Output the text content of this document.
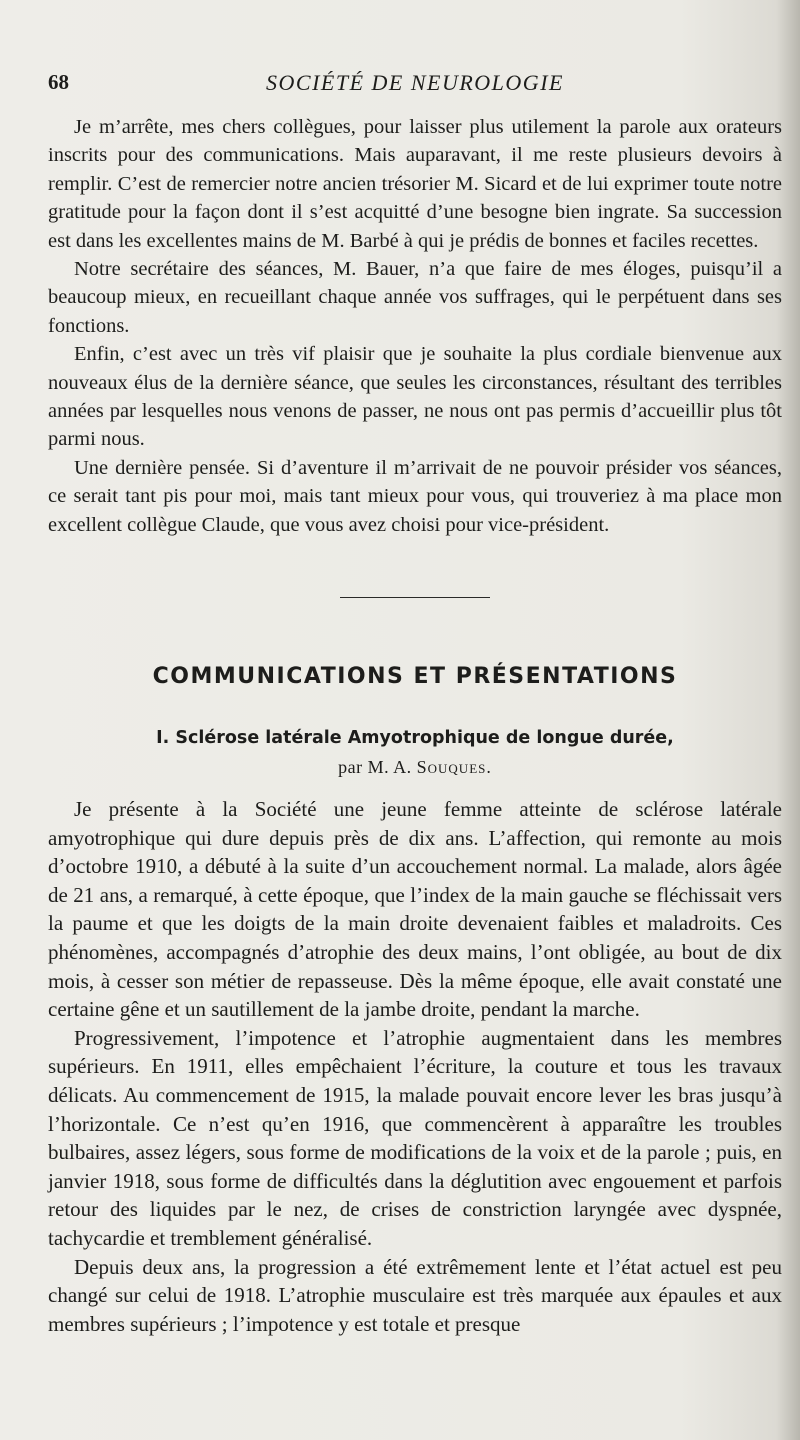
68	SOCIÉTÉ DE NEUROLOGIE

Je m’arrête, mes chers collègues, pour laisser plus utilement la parole aux orateurs inscrits pour des communications. Mais auparavant, il me reste plusieurs devoirs à remplir. C’est de remercier notre ancien trésorier M. Sicard et de lui exprimer toute notre gratitude pour la façon dont il s’est acquitté d’une besogne bien ingrate. Sa succession est dans les excellentes mains de M. Barbé à qui je prédis de bonnes et faciles recettes.

Notre secrétaire des séances, M. Bauer, n’a que faire de mes éloges, puisqu’il a beaucoup mieux, en recueillant chaque année vos suffrages, qui le perpétuent dans ses fonctions.

Enfin, c’est avec un très vif plaisir que je souhaite la plus cordiale bienvenue aux nouveaux élus de la dernière séance, que seules les circonstances, résultant des terribles années par lesquelles nous venons de passer, ne nous ont pas permis d’accueillir plus tôt parmi nous.

Une dernière pensée. Si d’aventure il m’arrivait de ne pouvoir présider vos séances, ce serait tant pis pour moi, mais tant mieux pour vous, qui trouveriez à ma place mon excellent collègue Claude, que vous avez choisi pour vice-président.

COMMUNICATIONS ET PRÉSENTATIONS
I. Sclérose latérale Amyotrophique de longue durée,
par M. A. Souques.

Je présente à la Société une jeune femme atteinte de sclérose latérale amyotrophique qui dure depuis près de dix ans. L’affection, qui remonte au mois d’octobre 1910, a débuté à la suite d’un accouchement normal. La malade, alors âgée de 21 ans, a remarqué, à cette époque, que l’index de la main gauche se fléchissait vers la paume et que les doigts de la main droite devenaient faibles et maladroits. Ces phénomènes, accompagnés d’atrophie des deux mains, l’ont obligée, au bout de dix mois, à cesser son métier de repasseuse. Dès la même époque, elle avait constaté une certaine gêne et un sautillement de la jambe droite, pendant la marche.

Progressivement, l’impotence et l’atrophie augmentaient dans les membres supérieurs. En 1911, elles empêchaient l’écriture, la couture et tous les travaux délicats. Au commencement de 1915, la malade pouvait encore lever les bras jusqu’à l’horizontale. Ce n’est qu’en 1916, que commencèrent à apparaître les troubles bulbaires, assez légers, sous forme de modifications de la voix et de la parole ; puis, en janvier 1918, sous forme de difficultés dans la déglutition avec engouement et parfois retour des liquides par le nez, de crises de constriction laryngée avec dyspnée, tachycardie et tremblement généralisé.

Depuis deux ans, la progression a été extrêmement lente et l’état actuel est peu changé sur celui de 1918. L’atrophie musculaire est très marquée aux épaules et aux membres supérieurs ; l’impotence y est totale et presque
